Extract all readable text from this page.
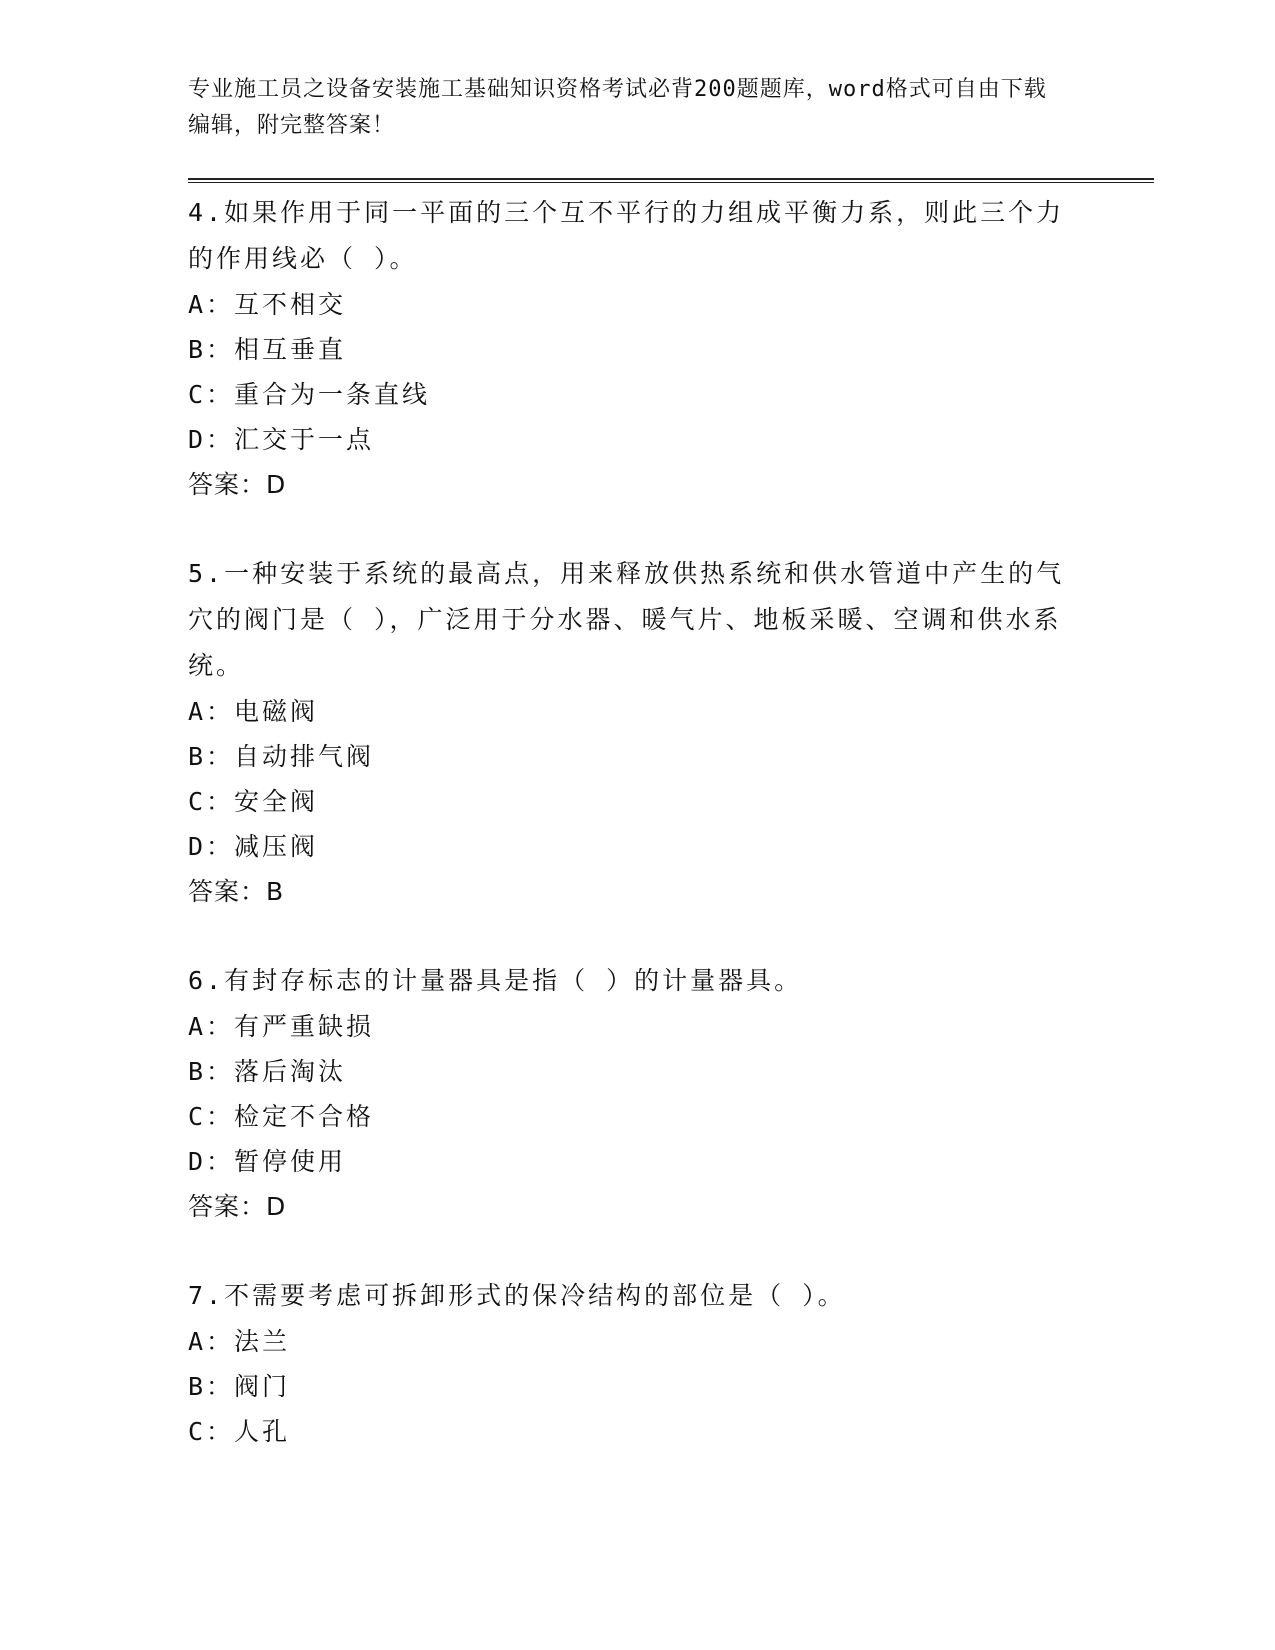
专业施工员之设备安装施工基础知识资格考试必背200题题库，word格式可自由下载编辑，附完整答案！

4.如果作用于同一平面的三个互不平行的力组成平衡力系，则此三个力的作用线必（ ）。

A：互不相交

B：相互垂直

C：重合为一条直线

D：汇交于一点

答案：D

5.一种安装于系统的最高点，用来释放供热系统和供水管道中产生的气穴的阀门是（ ），广泛用于分水器、暖气片、地板采暖、空调和供水系统。

A：电磁阀

B：自动排气阀

C：安全阀

D：减压阀

答案：B

6.有封存标志的计量器具是指（ ）的计量器具。

A：有严重缺损

B：落后淘汰

C：检定不合格

D：暂停使用

答案：D

7.不需要考虑可拆卸形式的保冷结构的部位是（ ）。

A：法兰

B：阀门

C：人孔
